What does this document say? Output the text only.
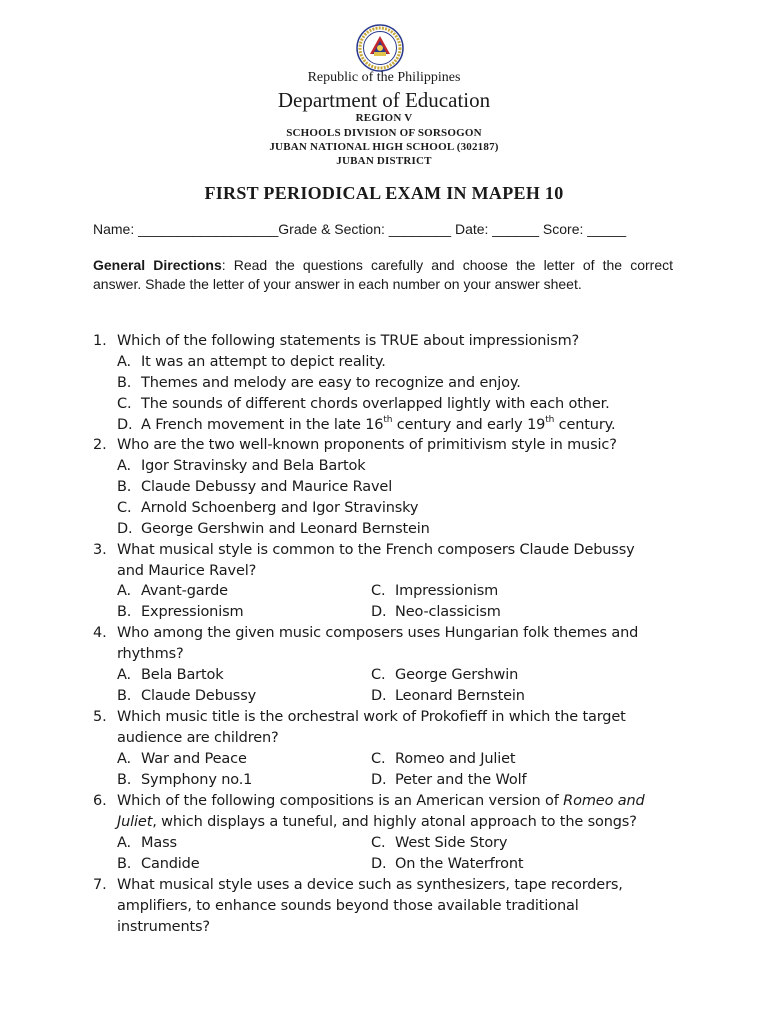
Republic of the Philippines
Department of Education
REGION V
SCHOOLS DIVISION OF SORSOGON
JUBAN NATIONAL HIGH SCHOOL (302187)
JUBAN DISTRICT
FIRST PERIODICAL EXAM IN MAPEH 10
Name: __________________Grade & Section: ________ Date: ______ Score: _____
General Directions: Read the questions carefully and choose the letter of the correct answer. Shade the letter of your answer in each number on your answer sheet.
1. Which of the following statements is TRUE about impressionism?
A. It was an attempt to depict reality.
B. Themes and melody are easy to recognize and enjoy.
C. The sounds of different chords overlapped lightly with each other.
D. A French movement in the late 16th century and early 19th century.
2. Who are the two well-known proponents of primitivism style in music?
A. Igor Stravinsky and Bela Bartok
B. Claude Debussy and Maurice Ravel
C. Arnold Schoenberg and Igor Stravinsky
D. George Gershwin and Leonard Bernstein
3. What musical style is common to the French composers Claude Debussy
and Maurice Ravel?
A. Avant-garde	C. Impressionism
B. Expressionism	D. Neo-classicism
4. Who among the given music composers uses Hungarian folk themes and
rhythms?
A. Bela Bartok	C. George Gershwin
B. Claude Debussy	D. Leonard Bernstein
5. Which music title is the orchestral work of Prokofieff in which the target
audience are children?
A. War and Peace	C. Romeo and Juliet
B. Symphony no.1	D. Peter and the Wolf
6. Which of the following compositions is an American version of Romeo and
Juliet, which displays a tuneful, and highly atonal approach to the songs?
A. Mass	C. West Side Story
B. Candide	D. On the Waterfront
7. What musical style uses a device such as synthesizers, tape recorders,
amplifiers, to enhance sounds beyond those available traditional
instruments?
